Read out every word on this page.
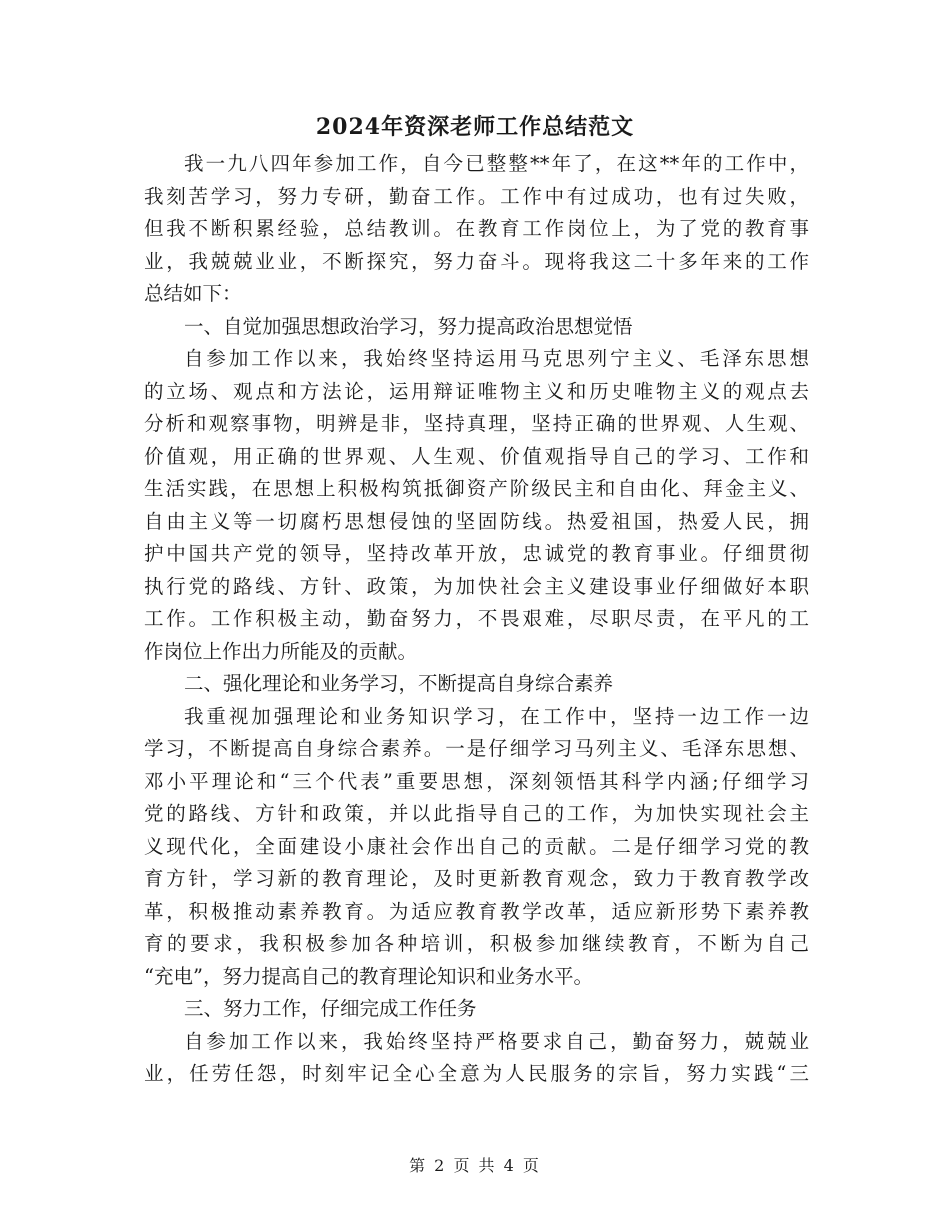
2024年资深老师工作总结范文
我一九八四年参加工作，自今已整整**年了，在这**年的工作中，
我刻苦学习，努力专研，勤奋工作。工作中有过成功，也有过失败，
但我不断积累经验，总结教训。在教育工作岗位上，为了党的教育事
业，我兢兢业业，不断探究，努力奋斗。现将我这二十多年来的工作
总结如下：
一、自觉加强思想政治学习，努力提高政治思想觉悟
自参加工作以来，我始终坚持运用马克思列宁主义、毛泽东思想
的立场、观点和方法论，运用辩证唯物主义和历史唯物主义的观点去
分析和观察事物，明辨是非，坚持真理，坚持正确的世界观、人生观、
价值观，用正确的世界观、人生观、价值观指导自己的学习、工作和
生活实践，在思想上积极构筑抵御资产阶级民主和自由化、拜金主义、
自由主义等一切腐朽思想侵蚀的坚固防线。热爱祖国，热爱人民，拥
护中国共产党的领导，坚持改革开放，忠诚党的教育事业。仔细贯彻
执行党的路线、方针、政策，为加快社会主义建设事业仔细做好本职
工作。工作积极主动，勤奋努力，不畏艰难，尽职尽责，在平凡的工
作岗位上作出力所能及的贡献。
二、强化理论和业务学习，不断提高自身综合素养
我重视加强理论和业务知识学习，在工作中，坚持一边工作一边
学习，不断提高自身综合素养。一是仔细学习马列主义、毛泽东思想、
邓小平理论和“三个代表”重要思想，深刻领悟其科学内涵;仔细学习
党的路线、方针和政策，并以此指导自己的工作，为加快实现社会主
义现代化，全面建设小康社会作出自己的贡献。二是仔细学习党的教
育方针，学习新的教育理论，及时更新教育观念，致力于教育教学改
革，积极推动素养教育。为适应教育教学改革，适应新形势下素养教
育的要求，我积极参加各种培训，积极参加继续教育，不断为自己
“充电”，努力提高自己的教育理论知识和业务水平。
三、努力工作，仔细完成工作任务
自参加工作以来，我始终坚持严格要求自己，勤奋努力，兢兢业
业，任劳任怨，时刻牢记全心全意为人民服务的宗旨，努力实践“三
第 2 页 共 4 页
